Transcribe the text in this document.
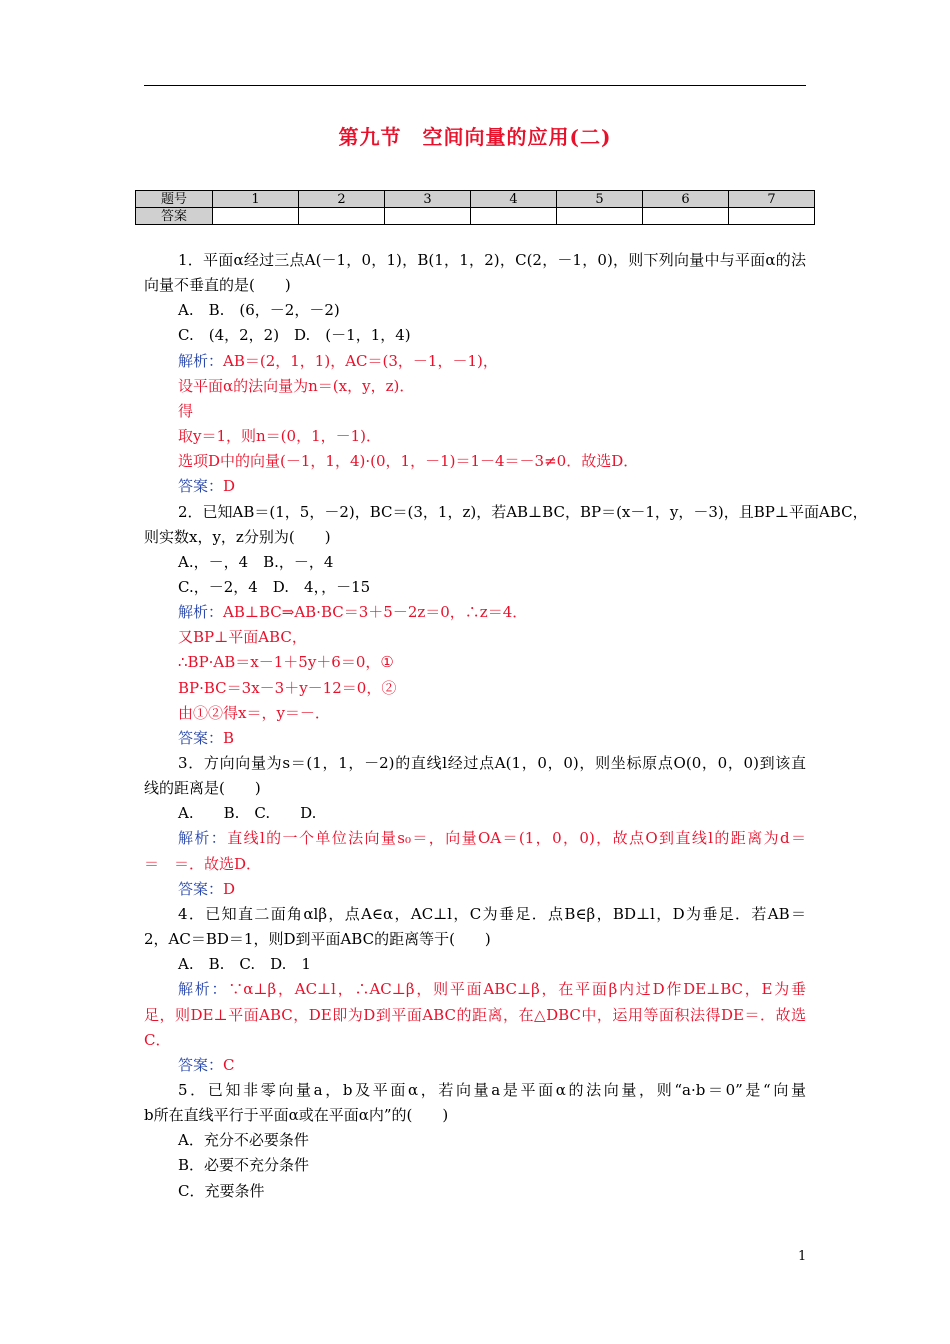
第九节　空间向量的应用(二)
题号	1	2	3	4	5	6	7
答案							
1．平面α经过三点A(－1，0，1)，B(1，1，2)，C(2，－1，0)，则下列向量中与平面α的法
向量不垂直的是(　　)
A.　B.　(6，－2，－2)
C.　(4，2，2)　D.　(－1，1，4)
解析：AB＝(2，1，1)，AC＝(3，－1，－1)，
设平面α的法向量为n＝(x，y，z)．
得
取y＝1，则n＝(0，1，－1)．
选项D中的向量(－1，1，4)·(0，1，－1)＝1－4＝－3≠0．故选D．
答案：D
2．已知AB＝(1，5，－2)，BC＝(3，1，z)，若AB⊥BC，BP＝(x－1，y，－3)，且BP⊥平面ABC，
则实数x，y，z分别为(　　)
A.，－，4　B.，－，4
C.，－2，4　D.　4，，－15
解析：AB⊥BC⇒AB·BC＝3＋5－2z＝0，∴z＝4．
又BP⊥平面ABC，
∴BP·AB＝x－1＋5y＋6＝0，①
BP·BC＝3x－3＋y－12＝0，②
由①②得x＝，y＝－．
答案：B
3．方向向量为s＝(1，1，－2)的直线l经过点A(1，0，0)，则坐标原点O(0，0，0)到该直
线的距离是(　　)
A.　　B.　C.　　D.
解析：直线l的一个单位法向量s₀＝，向量OA＝(1，0，0)，故点O到直线l的距离为d＝
＝　＝．故选D．
答案：D
4．已知直二面角αlβ，点A∈α，AC⊥l，C为垂足．点B∈β，BD⊥l，D为垂足．若AB＝
2，AC＝BD＝1，则D到平面ABC的距离等于(　　)
A.　B.　C.　D.　1
解析：∵α⊥β，AC⊥l，∴AC⊥β，则平面ABC⊥β，在平面β内过D作DE⊥BC，E为垂
足，则DE⊥平面ABC，DE即为D到平面ABC的距离，在△DBC中，运用等面积法得DE＝．故选
C．
答案：C
5．已知非零向量a，b及平面α，若向量a是平面α的法向量，则“a·b＝0”是“向量
b所在直线平行于平面α或在平面α内”的(　　)
A．充分不必要条件
B．必要不充分条件
C．充要条件
1
